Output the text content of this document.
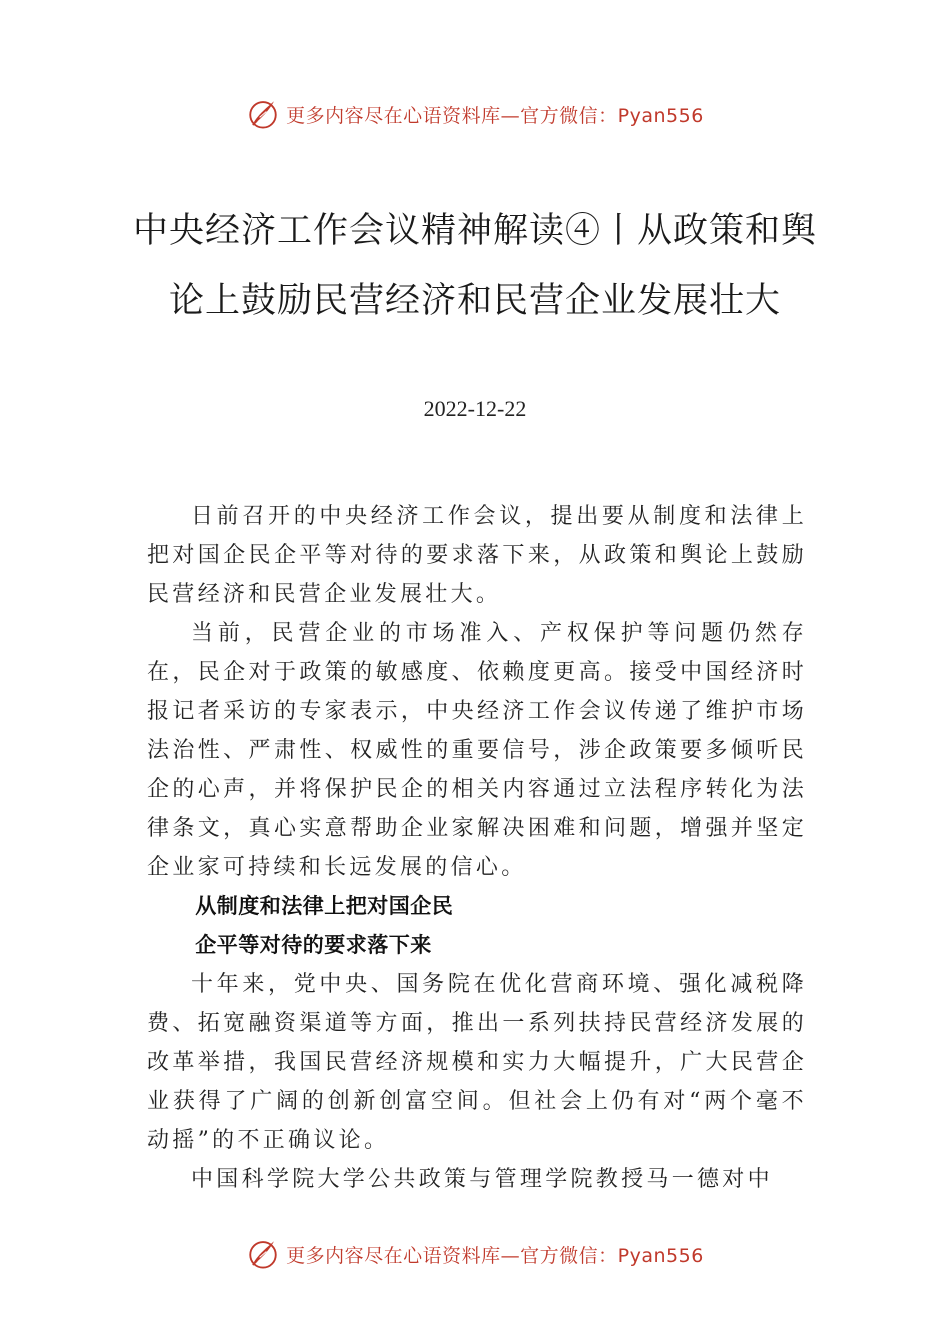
更多内容尽在心语资料库—官方微信：Pyan556
中央经济工作会议精神解读④丨从政策和舆论上鼓励民营经济和民营企业发展壮大
2022-12-22

日前召开的中央经济工作会议，提出要从制度和法律上把对国企民企平等对待的要求落下来，从政策和舆论上鼓励民营经济和民营企业发展壮大。

当前，民营企业的市场准入、产权保护等问题仍然存在，民企对于政策的敏感度、依赖度更高。接受中国经济时报记者采访的专家表示，中央经济工作会议传递了维护市场法治性、严肃性、权威性的重要信号，涉企政策要多倾听民企的心声，并将保护民企的相关内容通过立法程序转化为法律条文，真心实意帮助企业家解决困难和问题，增强并坚定企业家可持续和长远发展的信心。

从制度和法律上把对国企民
企平等对待的要求落下来

十年来，党中央、国务院在优化营商环境、强化减税降费、拓宽融资渠道等方面，推出一系列扶持民营经济发展的改革举措，我国民营经济规模和实力大幅提升，广大民营企业获得了广阔的创新创富空间。但社会上仍有对“两个毫不动摇”的不正确议论。

中国科学院大学公共政策与管理学院教授马一德对中

更多内容尽在心语资料库—官方微信：Pyan556
